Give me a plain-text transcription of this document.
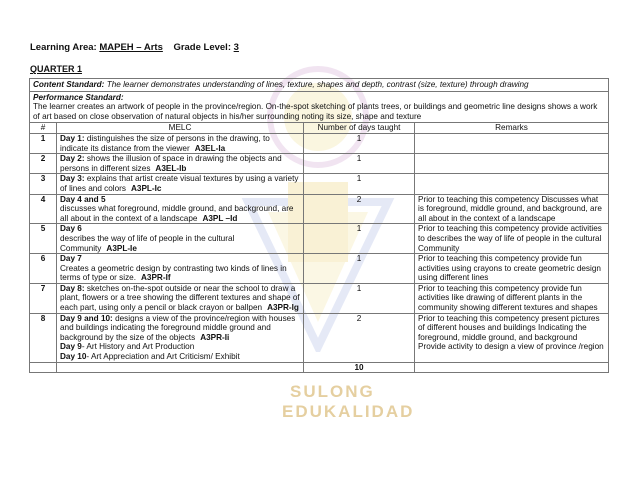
SULONG
EDUKALIDAD
Learning Area: MAPEH – Arts Grade Level: 3
QUARTER 1
Content Standard: The learner demonstrates understanding of lines, texture, shapes and depth, contrast (size, texture) through drawing			

Performance Standard:
The learner creates an artwork of people in the province/region. On-the-spot sketching of plants trees, or buildings and geometric line designs shows a work of art based on close observation of natural objects in his/her surrounding noting its size, shape and texture			

#	MELC	Number of days taught	Remarks
1	Day 1: distinguishes the size of persons in the drawing, to indicate its distance from the viewer A3EL-Ia	1	
2	Day 2: shows the illusion of space in drawing the objects and persons in different sizes A3EL-Ib	1	
3	Day 3: explains that artist create visual textures by using a variety of lines and colors A3PL-Ic	1	
4	Day 4 and 5
discusses what foreground, middle ground, and background, are all about in the context of a landscape A3PL –Id	2	Prior to teaching this competency Discusses what is foreground, middle ground, and background, are all about in the context of a landscape
5	Day 6
describes the way of life of people in the cultural Community A3PL-Ie	1	Prior to teaching this competency provide activities to describes the way of life of people in the cultural Community
6	Day 7
Creates a geometric design by contrasting two kinds of lines in terms of type or size. A3PR-If	1	Prior to teaching this competency provide fun activities using crayons to create geometric design using different lines
7	Day 8: sketches on-the-spot outside or near the school to draw a plant, flowers or a tree showing the different textures and shape of each part, using only a pencil or black crayon or ballpen A3PR-Ig	1	Prior to teaching this competency provide fun activities like drawing of different plants in the community showing different textures and shapes
8	Day 9 and 10: designs a view of the province/region with houses and buildings indicating the foreground middle ground and background by the size of the objects A3PR-Ii
Day 9- Art History and Art Production
Day 10- Art Appreciation and Art Criticism/ Exhibit	2	Prior to teaching this competency present pictures of different houses and buildings Indicating the foreground, middle ground, and background Provide activity to design a view of province /region
		10	
